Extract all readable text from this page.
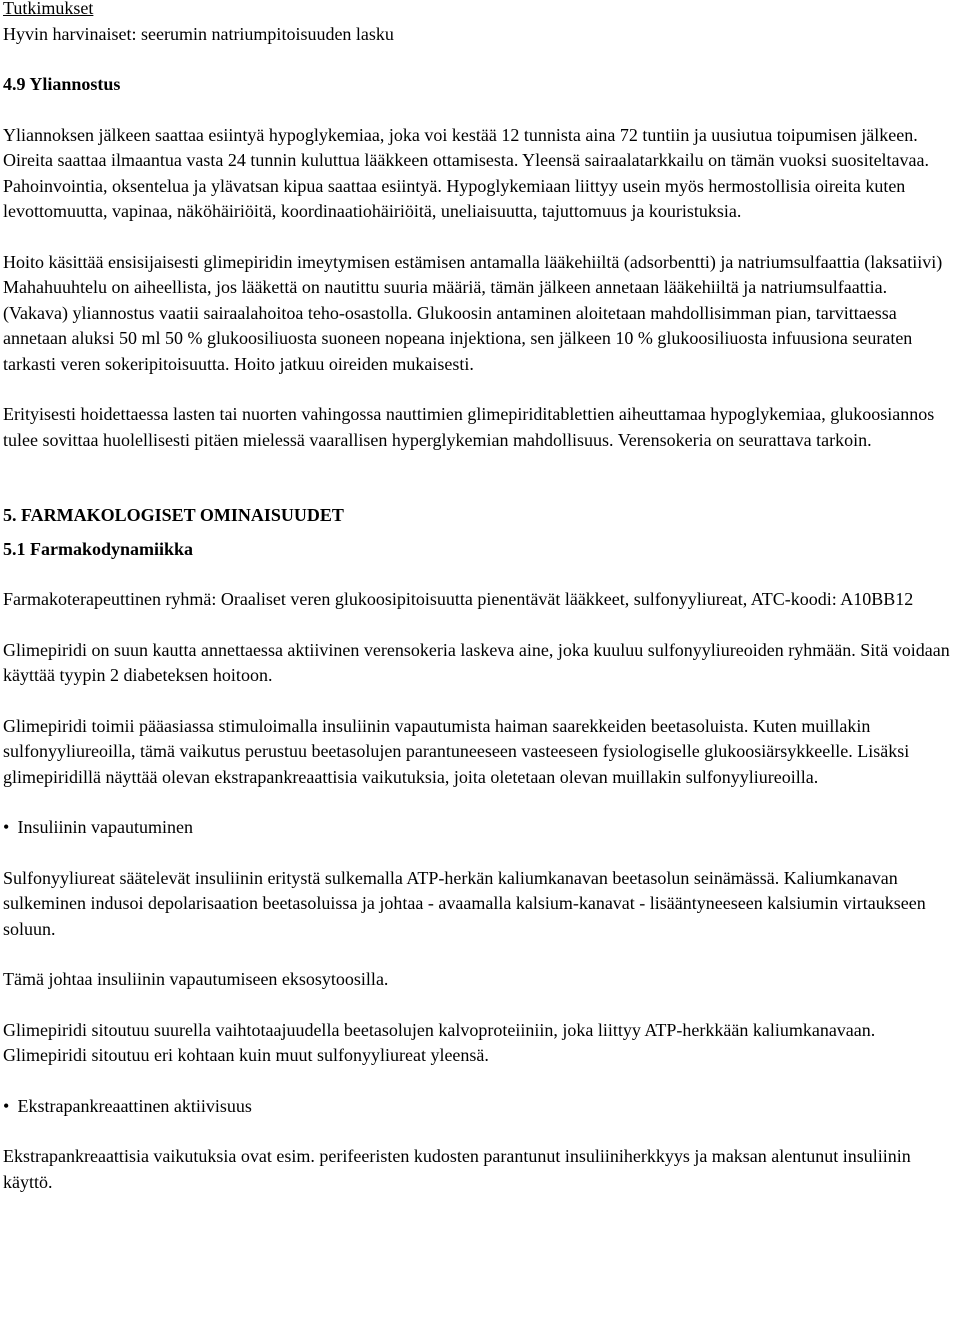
Tutkimukset

Hyvin harvinaiset: seerumin natriumpitoisuuden lasku

4.9 Yliannostus

Yliannoksen jälkeen saattaa esiintyä hypoglykemiaa, joka voi kestää 12 tunnista aina 72 tuntiin ja uusiutua toipumisen jälkeen. Oireita saattaa ilmaantua vasta 24 tunnin kuluttua lääkkeen ottamisesta. Yleensä sairaalatarkkailu on tämän vuoksi suositeltavaa. Pahoinvointia, oksentelua ja ylävatsan kipua saattaa esiintyä. Hypoglykemiaan liittyy usein myös hermostollisia oireita kuten levottomuutta, vapinaa, näköhäiriöitä, koordinaatiohäiriöitä, uneliaisuutta, tajuttomuus ja kouristuksia.

Hoito käsittää ensisijaisesti glimepiridin imeytymisen estämisen antamalla lääkehiiltä (adsorbentti) ja natriumsulfaattia (laksatiivi) Mahahuuhtelu on aiheellista, jos lääkettä on nautittu suuria määriä, tämän jälkeen annetaan lääkehiiltä ja natriumsulfaattia. (Vakava) yliannostus vaatii sairaalahoitoa teho-osastolla. Glukoosin antaminen aloitetaan mahdollisimman pian, tarvittaessa annetaan aluksi 50 ml 50 % glukoosiliuosta suoneen nopeana injektiona, sen jälkeen 10 % glukoosiliuosta infuusiona seuraten tarkasti veren sokeripitoisuutta. Hoito jatkuu oireiden mukaisesti.

Erityisesti hoidettaessa lasten tai nuorten vahingossa nauttimien glimepiriditablettien aiheuttamaa hypoglykemiaa, glukoosiannos tulee sovittaa huolellisesti pitäen mielessä vaarallisen hyperglykemian mahdollisuus. Verensokeria on seurattava tarkoin.

5. FARMAKOLOGISET OMINAISUUDET

5.1 Farmakodynamiikka

Farmakoterapeuttinen ryhmä: Oraaliset veren glukoosipitoisuutta pienentävät lääkkeet, sulfonyyliureat, ATC-koodi: A10BB12

Glimepiridi on suun kautta annettaessa aktiivinen verensokeria laskeva aine, joka kuuluu sulfonyyliureoiden ryhmään. Sitä voidaan käyttää tyypin 2 diabeteksen hoitoon.

Glimepiridi toimii pääasiassa stimuloimalla insuliinin vapautumista haiman saarekkeiden beetasoluista. Kuten muillakin sulfonyyliureoilla, tämä vaikutus perustuu beetasolujen parantuneeseen vasteeseen fysiologiselle glukoosiärsykkeelle. Lisäksi glimepiridillä näyttää olevan ekstrapankreaattisia vaikutuksia, joita oletetaan olevan muillakin sulfonyyliureoilla.

• Insuliinin vapautuminen

Sulfonyyliureat säätelevät insuliinin eritystä sulkemalla ATP-herkän kaliumkanavan beetasolun seinämässä. Kaliumkanavan sulkeminen indusoi depolarisaation beetasoluissa ja johtaa - avaamalla kalsium-kanavat - lisääntyneeseen kalsiumin virtaukseen soluun.

Tämä johtaa insuliinin vapautumiseen eksosytoosilla.

Glimepiridi sitoutuu suurella vaihtotaajuudella beetasolujen kalvoproteiiniin, joka liittyy ATP-herkkään kaliumkanavaan. Glimepiridi sitoutuu eri kohtaan kuin muut sulfonyyliureat yleensä.

• Ekstrapankreaattinen aktiivisuus

Ekstrapankreaattisia vaikutuksia ovat esim. perifeeristen kudosten parantunut insuliiniherkkyys ja maksan alentunut insuliinin käyttö.
